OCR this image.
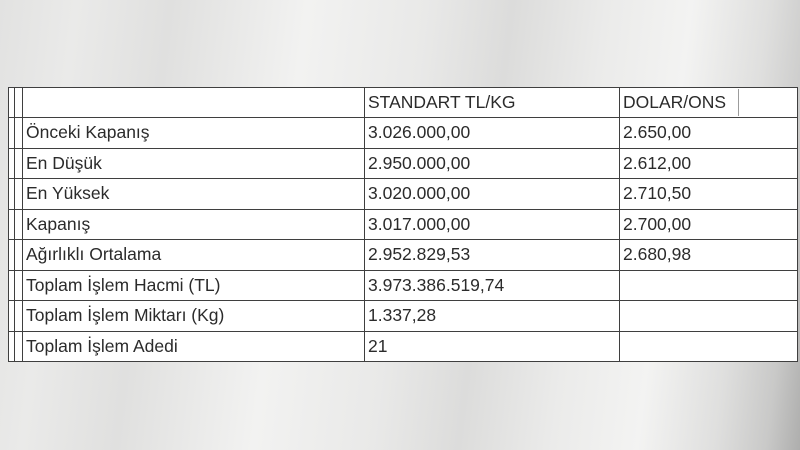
			STANDART TL/KG	DOLAR/ONS
		Önceki Kapanış	3.026.000,00	2.650,00
		En Düşük	2.950.000,00	2.612,00
		En Yüksek	3.020.000,00	2.710,50
		Kapanış	3.017.000,00	2.700,00
		Ağırlıklı Ortalama	2.952.829,53	2.680,98
		Toplam İşlem Hacmi (TL)	3.973.386.519,74	
		Toplam İşlem Miktarı (Kg)	1.337,28	
		Toplam İşlem Adedi	21	
